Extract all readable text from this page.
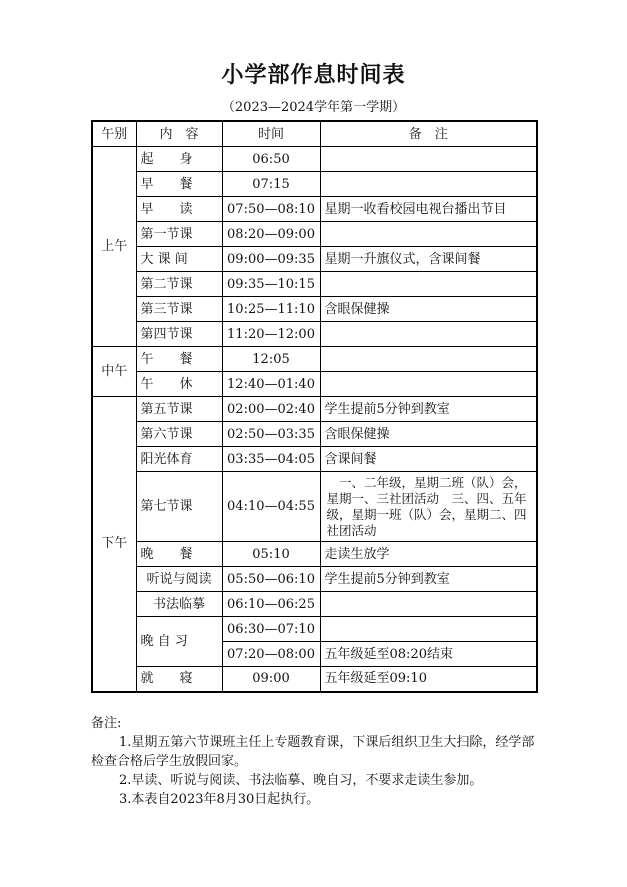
小学部作息时间表
（2023—2024学年第一学期）
午别	内　容	时间	备　注
上午	起　　身	06:50	
	早　　餐	07:15	
	早　　读	07:50—08:10	星期一收看校园电视台播出节目
	第一节课	08:20—09:00	
	大 课 间	09:00—09:35	星期一升旗仪式，含课间餐
	第二节课	09:35—10:15	
	第三节课	10:25—11:10	含眼保健操
	第四节课	11:20—12:00	
中午	午　　餐	12:05	
	午　　休	12:40—01:40	
下午	第五节课	02:00—02:40	学生提前5分钟到教室
	第六节课	02:50—03:35	含眼保健操
	阳光体育	03:35—04:05	含课间餐
	第七节课	04:10—04:55	　一、二年级，星期二班（队）会，星期一、三社团活动　三、四、五年级，星期一班（队）会，星期二、四社团活动
	晚　　餐	05:10	走读生放学
	听说与阅读	05:50—06:10	学生提前5分钟到教室
	书法临摹	06:10—06:25	
	晚 自 习	06:30—07:10	
		07:20—08:00	五年级延至08:20结束
	就　　寝	09:00	五年级延至09:10

备注:

1.星期五第六节课班主任上专题教育课，下课后组织卫生大扫除，经学部检查合格后学生放假回家。

2.早读、听说与阅读、书法临摹、晚自习，不要求走读生参加。

3.本表自2023年8月30日起执行。
